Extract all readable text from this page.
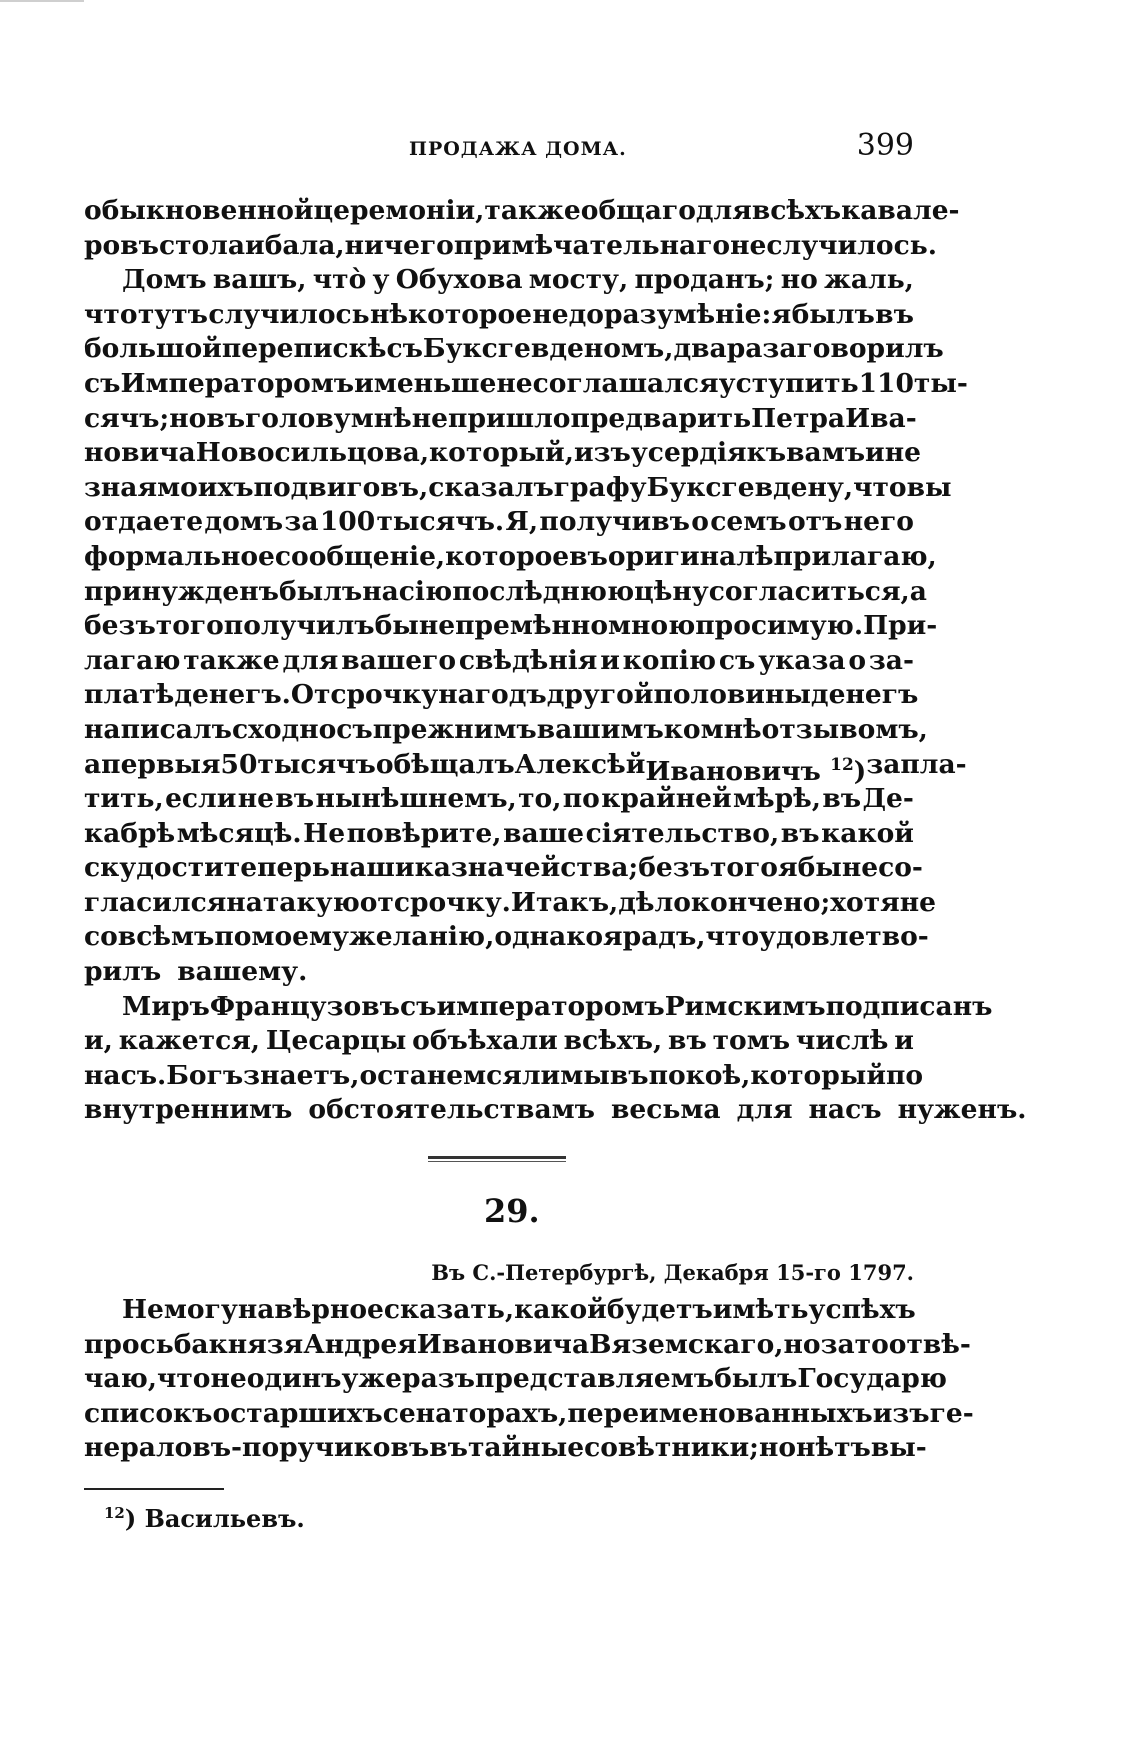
ПРОДАЖА ДОМА.	399
обыкновенной церемоніи, также общаго для всѣхъ кавале-
ровъ стола и бала, ничего примѣчательнаго не случилось.
Домъ вашъ, что̀ у Обухова мосту, проданъ; но жаль,
что тутъ случилось нѣкоторое недоразумѣніе: я былъ въ
большой перепискѣ съ Буксгевденомъ, два раза говорилъ
съ Императоромъ и меньше не соглашался уступить 110 ты-
сячъ; но въ голову мнѣ не пришло предварить Петра Ива-
новича Новосильцова, который, изъ усердія къ вамъ и не
зная моихъ подвиговъ, сказалъ графу Буксгевдену, что вы
отдаете домъ за 100 тысячъ. Я, получивъ о семъ отъ него
формальное сообщеніе, которое въ оригиналѣ прилагаю,
принужденъ былъ на сію послѣднюю цѣну согласиться, а
безъ того получилъ бы непремѣнно мною просимую. При-
лагаю также для вашего свѣдѣнія и копію съ указа о за-
платѣ денегъ. Отсрочку на годъ другой половины денегъ
написалъ сходно съ прежнимъ вашимъ ко мнѣ отзывомъ,
а первыя 50 тысячъ обѣщалъ Алексѣй Ивановичъ $^{12}$) запла-
тить, если не въ нынѣшнемъ, то, по крайней мѣрѣ, въ Де-
кабрѣ мѣсяцѣ. Не повѣрите, ваше сіятельство, въ какой
скудости теперь наши казначейства; безъ того я бы не со-
гласился на такую отсрочку. Итакъ, дѣло кончено; хотя не
совсѣмъ по моему желанію, однако я радъ, что удовлетво-
рилъ вашему.
Миръ Французовъ съ императоромъ Римскимъ подписанъ
и, кажется, Цесарцы объѣхали всѣхъ, въ томъ числѣ и
насъ. Богъ знаетъ, останемся ли мы въ покоѣ, который по
внутреннимъ обстоятельствамъ весьма для насъ нуженъ.
29.
Въ С.-Петербургѣ, Декабря 15-го 1797.
Не могу навѣрное сказать, какой будетъ имѣть успѣхъ
просьба князя Андрея Ивановича Вяземскаго, но за то отвѣ-
чаю, что не одинъ уже разъ представляемъ былъ Государю
списокъ о старшихъ сенаторахъ, переименованныхъ изъ ге-
нераловъ-поручиковъ въ тайные совѣтники; но нѣтъ вы-
$^{12}$) Васильевъ.
